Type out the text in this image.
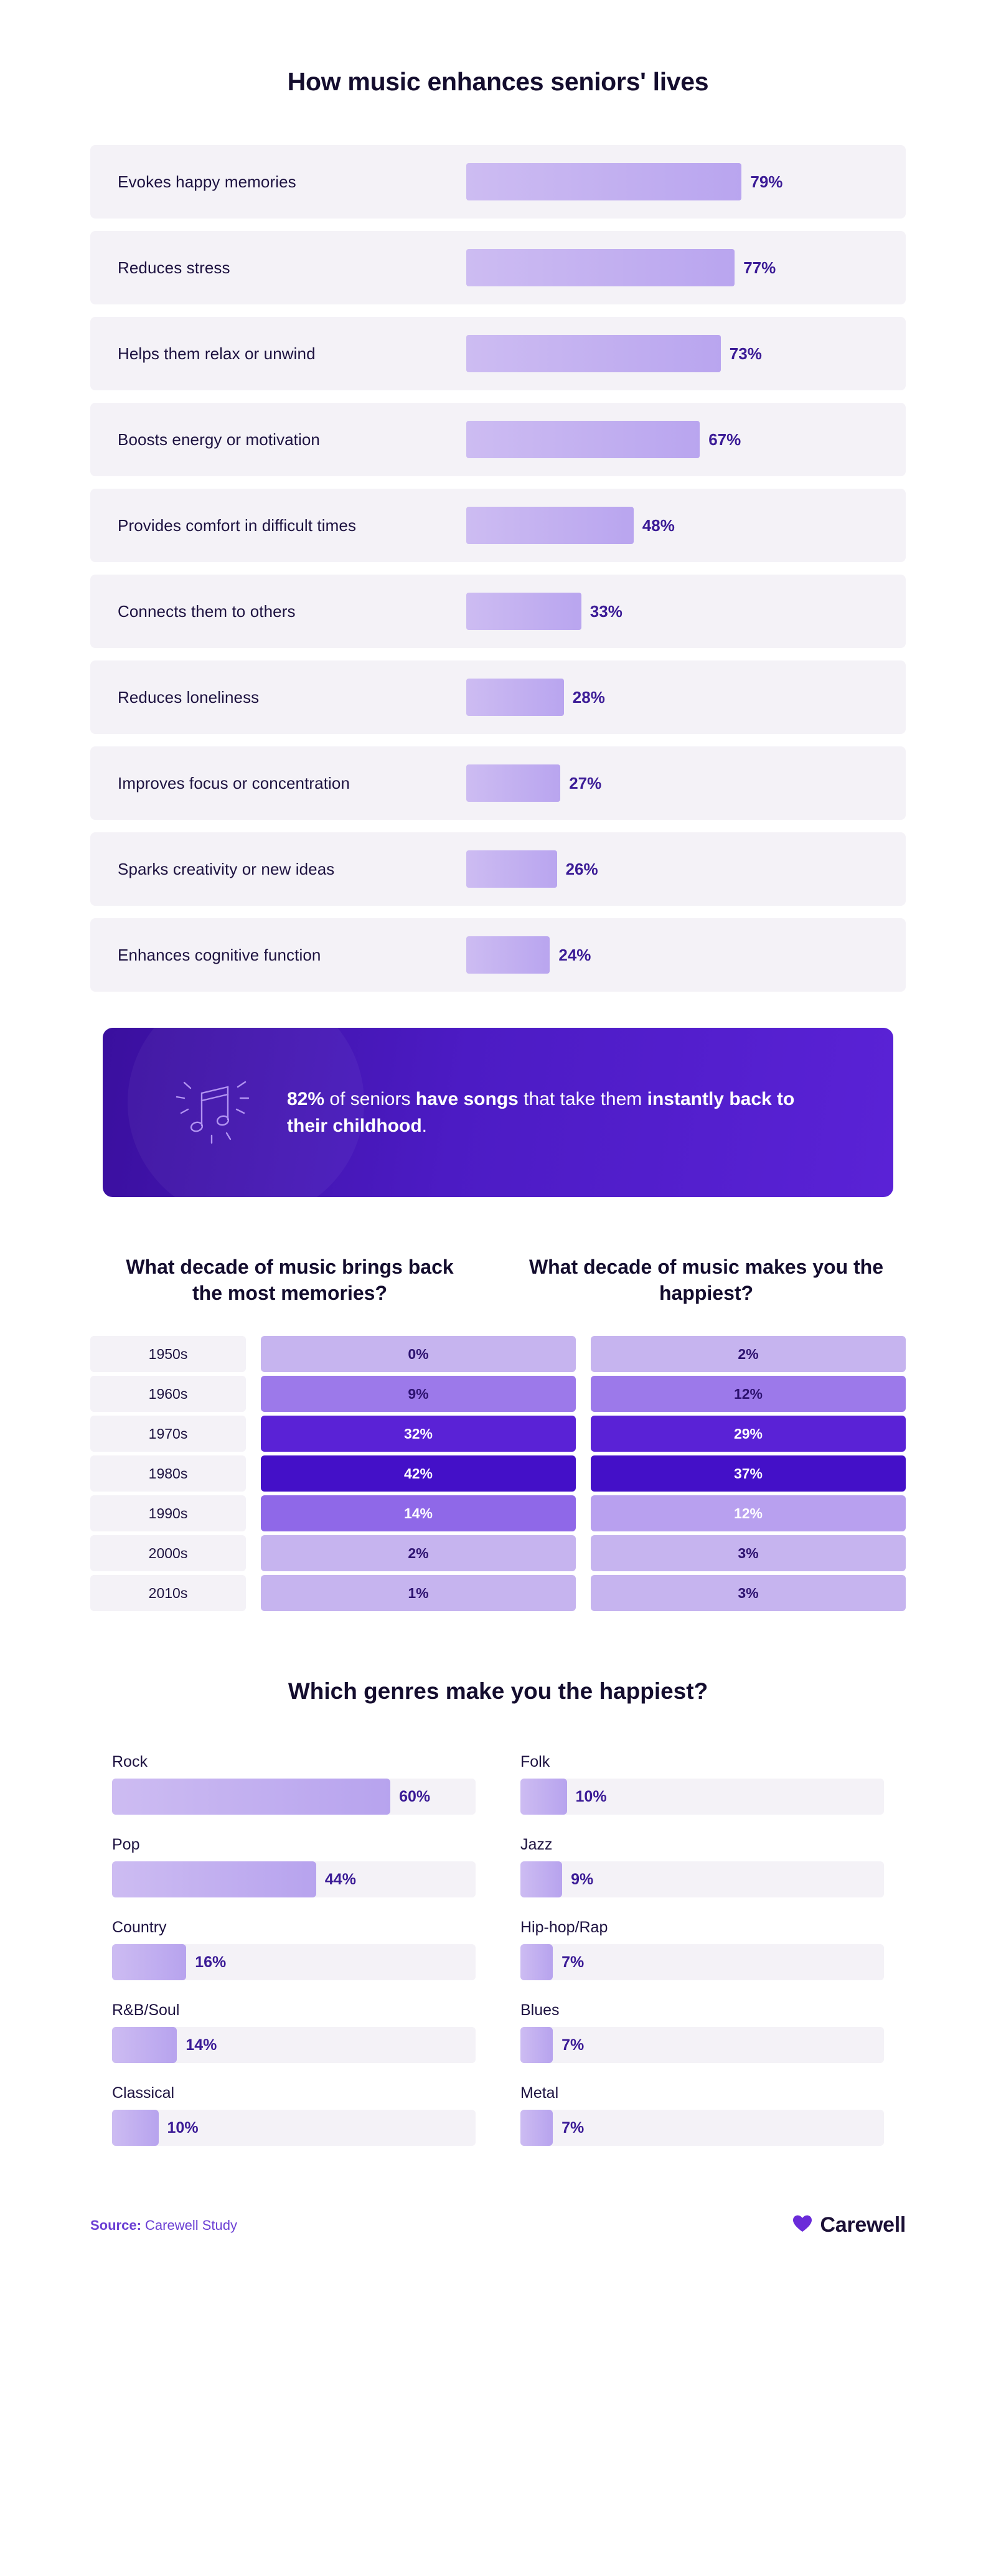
How music enhances seniors' lives
Evokes happy memories	79%
Reduces stress	77%
Helps them relax or unwind	73%
Boosts energy or motivation	67%
Provides comfort in difficult times	48%
Connects them to others	33%
Reduces loneliness	28%
Improves focus or concentration	27%
Sparks creativity or new ideas	26%
Enhances cognitive function	24%
82% of seniors have songs that take them instantly back to their childhood.
What decade of music brings back the most memories?
What decade of music makes you the happiest?
1950s	0%	2%
1960s	9%	12%
1970s	32%	29%
1980s	42%	37%
1990s	14%	12%
2000s	2%	3%
2010s	1%	3%
Which genres make you the happiest?
Rock
60%
Pop
44%
Country
16%
R&B/Soul
14%
Classical
10%
Folk
10%
Jazz
9%
Hip-hop/Rap
7%
Blues
7%
Metal
7%
Source: Carewell Study	Carewell
